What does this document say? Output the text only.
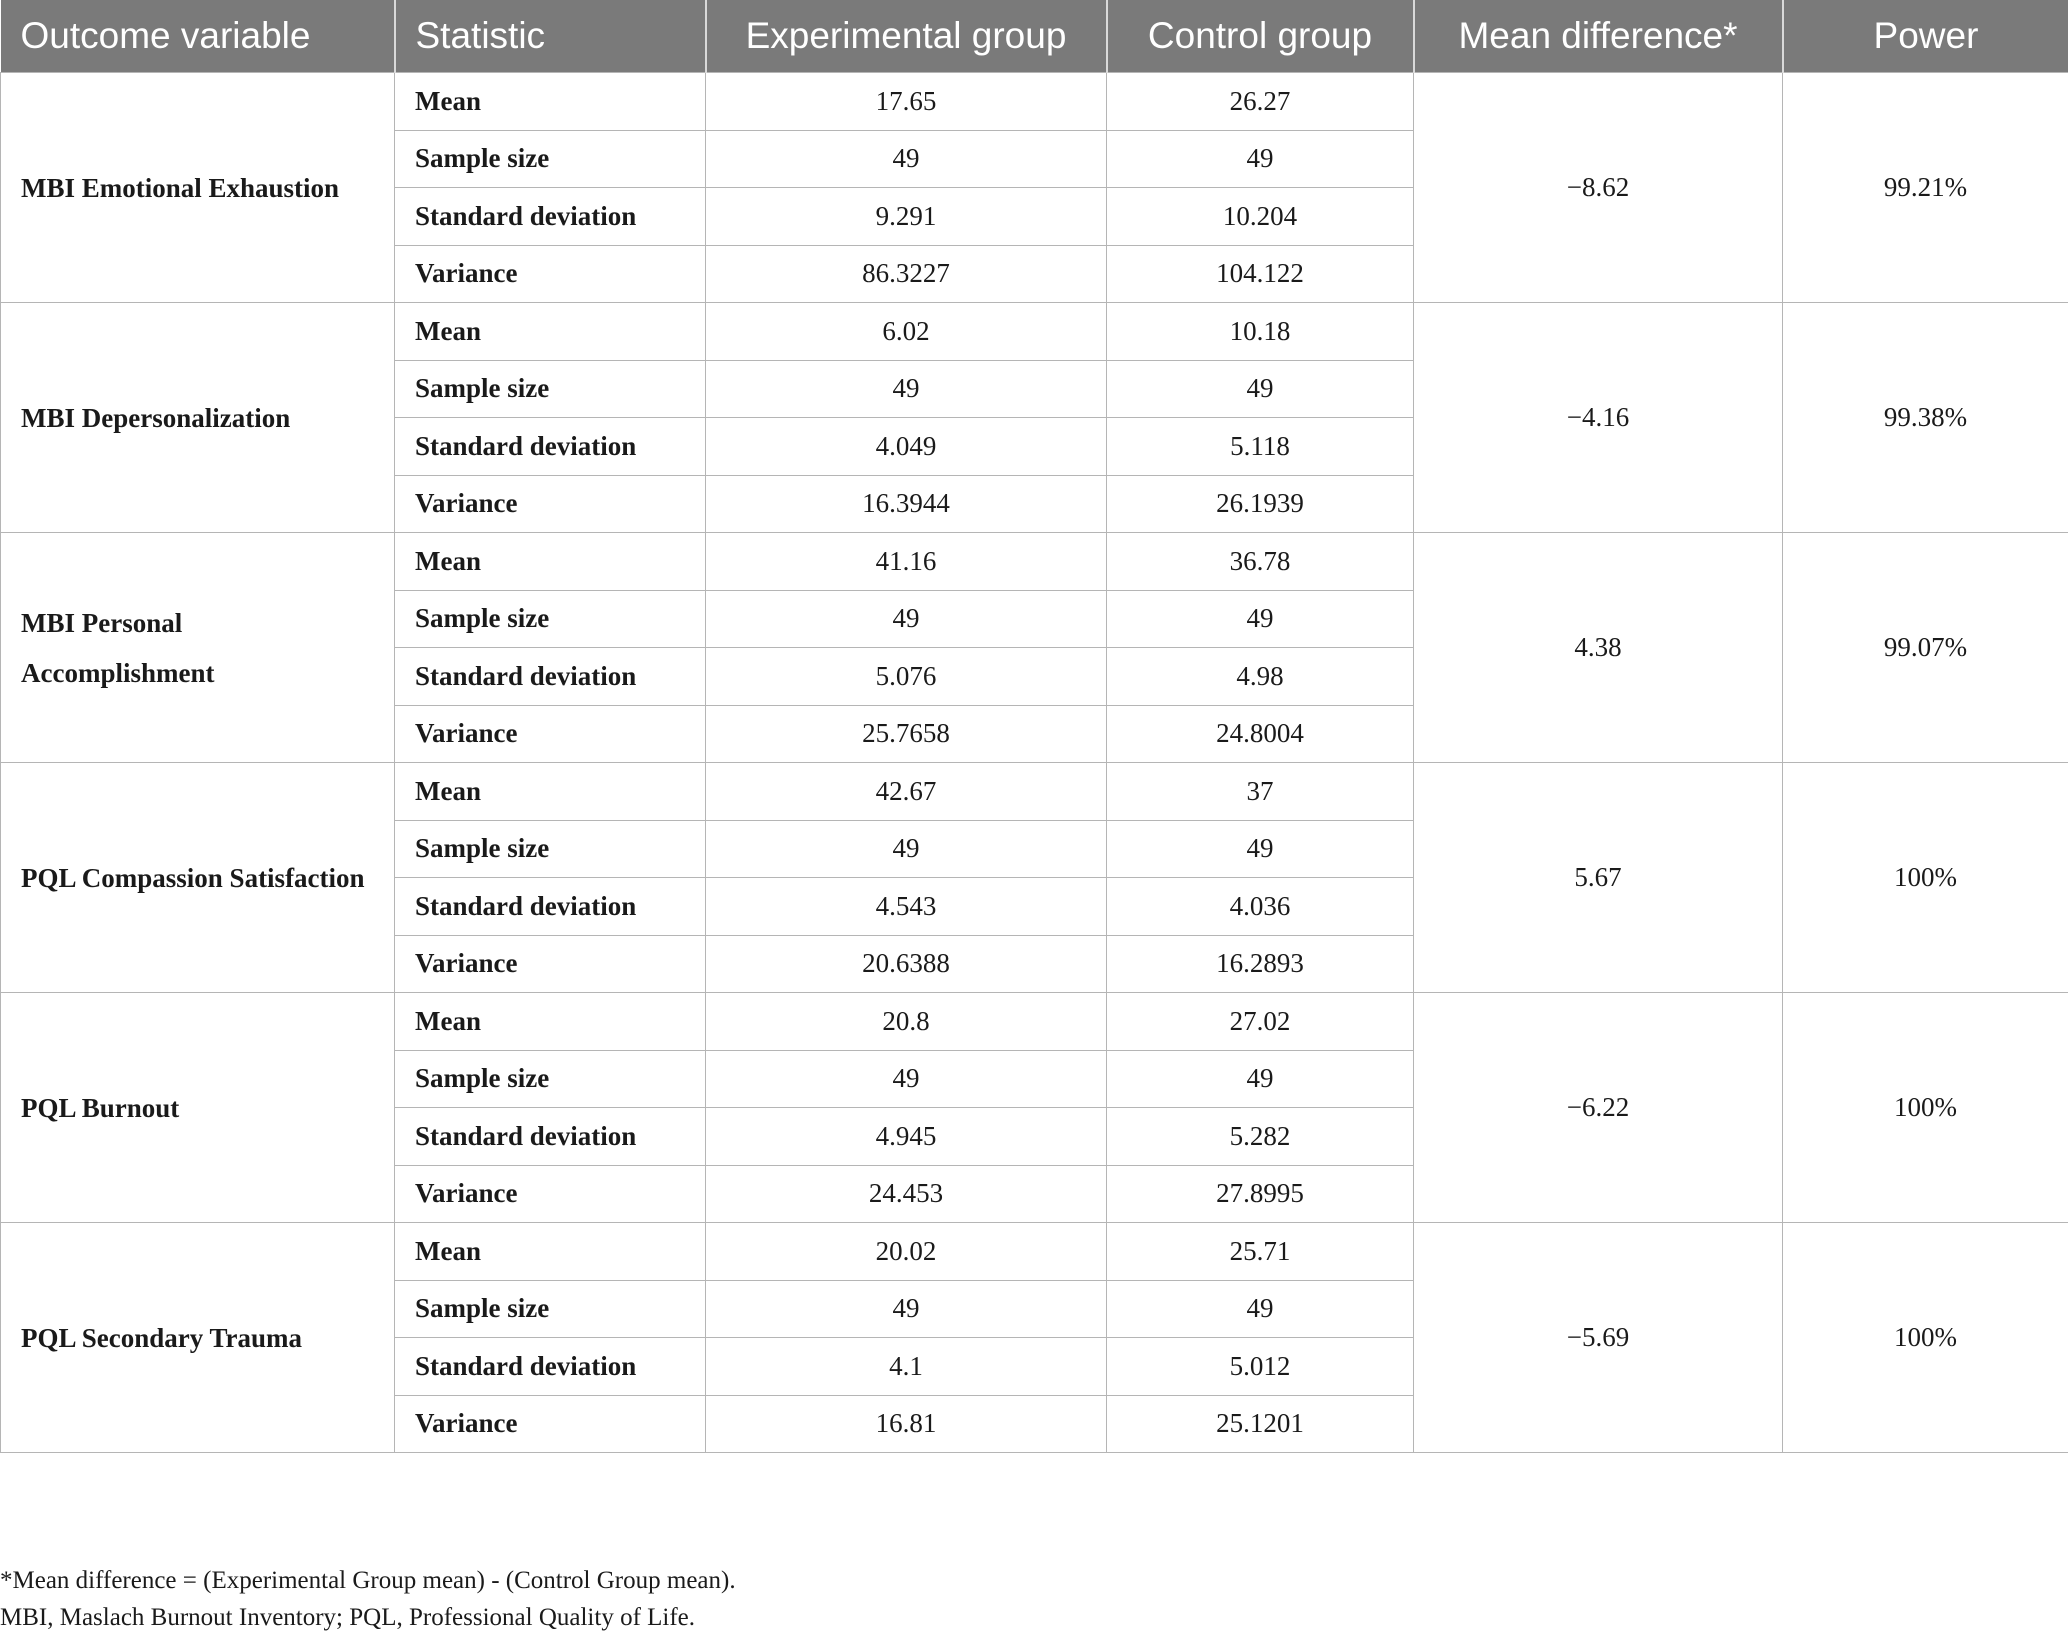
Outcome variable	Statistic	Experimental group	Control group	Mean difference*	Power
MBI Emotional Exhaustion	Mean	17.65	26.27	−8.62	99.21%
	Sample size	49	49		
	Standard deviation	9.291	10.204		
	Variance	86.3227	104.122		
MBI Depersonalization	Mean	6.02	10.18	−4.16	99.38%
	Sample size	49	49		
	Standard deviation	4.049	5.118		
	Variance	16.3944	26.1939		
MBI Personal Accomplishment	Mean	41.16	36.78	4.38	99.07%
	Sample size	49	49		
	Standard deviation	5.076	4.98		
	Variance	25.7658	24.8004		
PQL Compassion Satisfaction	Mean	42.67	37	5.67	100%
	Sample size	49	49		
	Standard deviation	4.543	4.036		
	Variance	20.6388	16.2893		
PQL Burnout	Mean	20.8	27.02	−6.22	100%
	Sample size	49	49		
	Standard deviation	4.945	5.282		
	Variance	24.453	27.8995		
PQL Secondary Trauma	Mean	20.02	25.71	−5.69	100%
	Sample size	49	49		
	Standard deviation	4.1	5.012		
	Variance	16.81	25.1201		
*Mean difference = (Experimental Group mean) - (Control Group mean).
MBI, Maslach Burnout Inventory; PQL, Professional Quality of Life.
